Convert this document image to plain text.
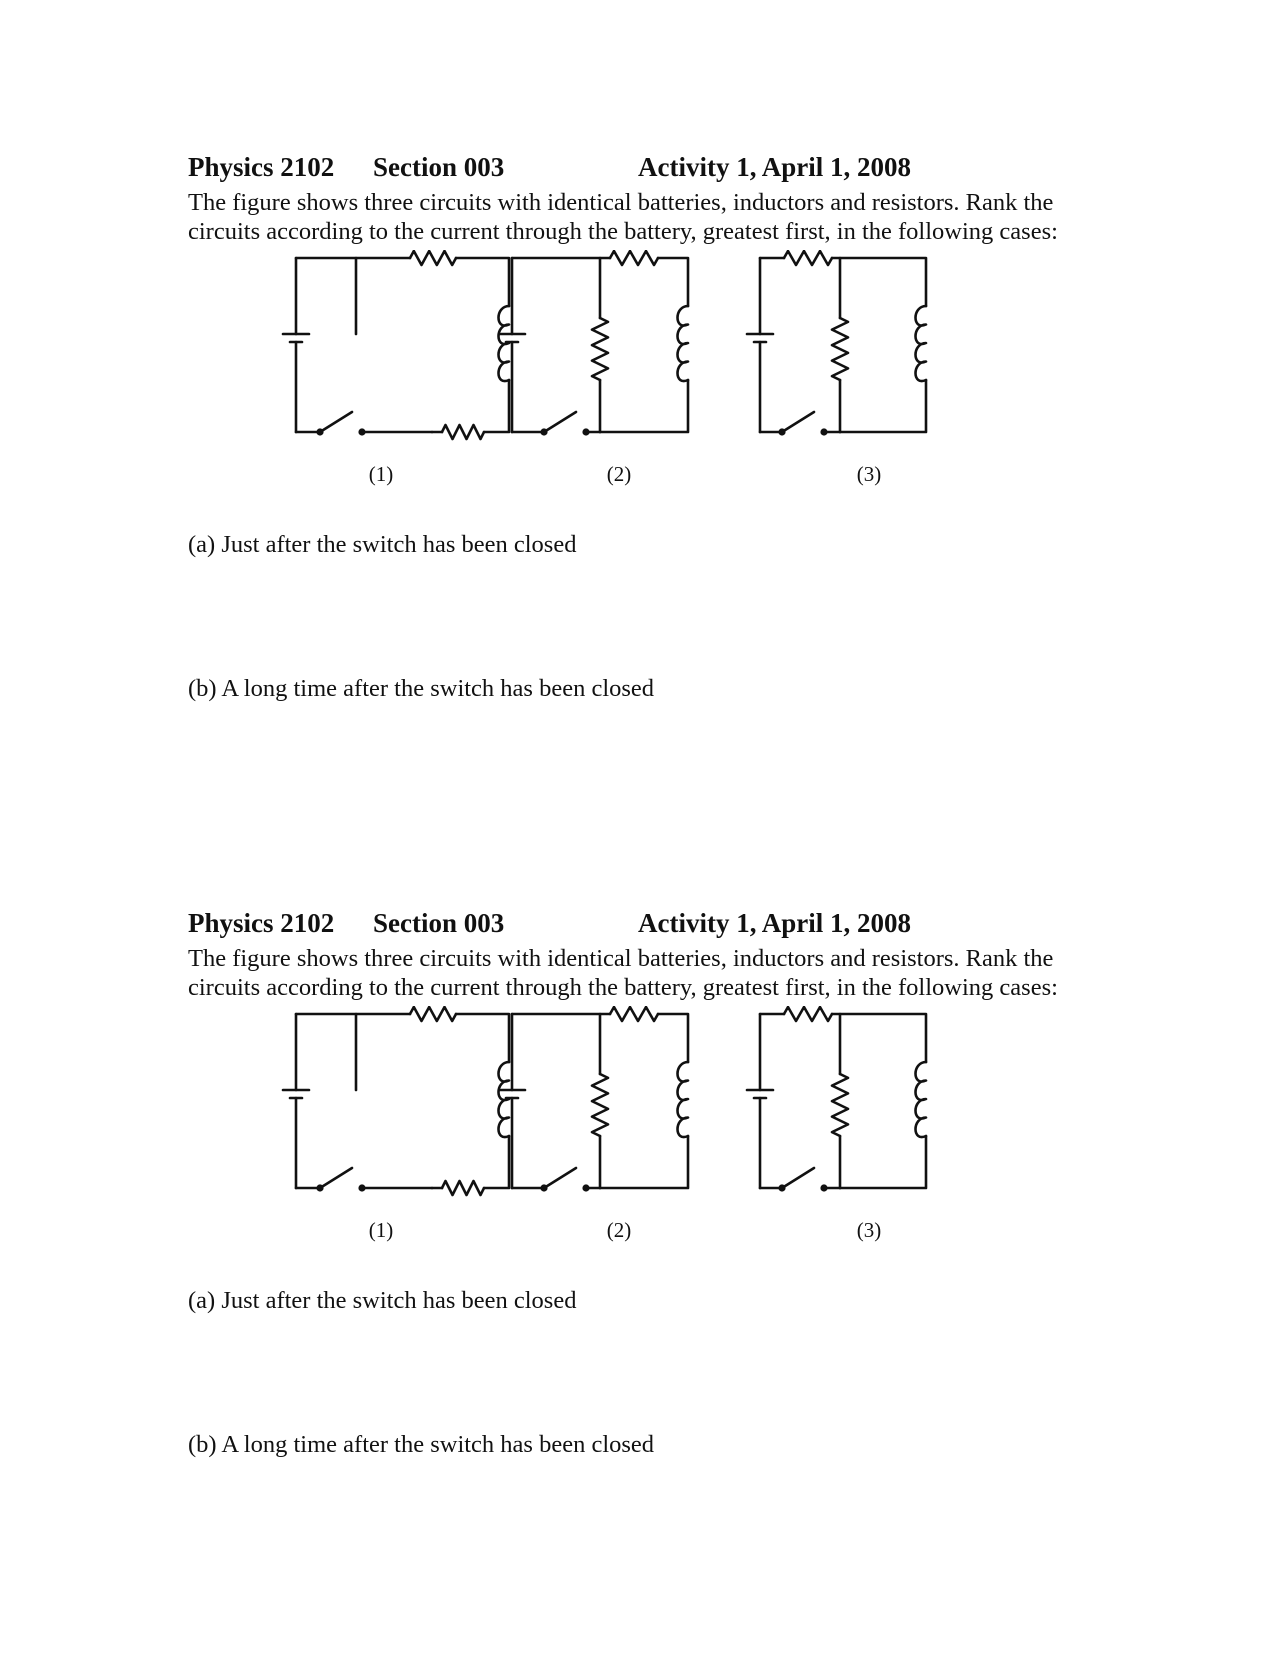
Physics 2102 Section 003	Activity 1, April 1, 2008
The figure shows three circuits with identical batteries, inductors and resistors. Rank the
circuits according to the current through the battery, greatest first, in the following cases:
(1)	(2)	(3)
(a) Just after the switch has been closed
(b) A long time after the switch has been closed
Physics 2102 Section 003	Activity 1, April 1, 2008
The figure shows three circuits with identical batteries, inductors and resistors. Rank the
circuits according to the current through the battery, greatest first, in the following cases:
(1)	(2)	(3)
(a) Just after the switch has been closed
(b) A long time after the switch has been closed
